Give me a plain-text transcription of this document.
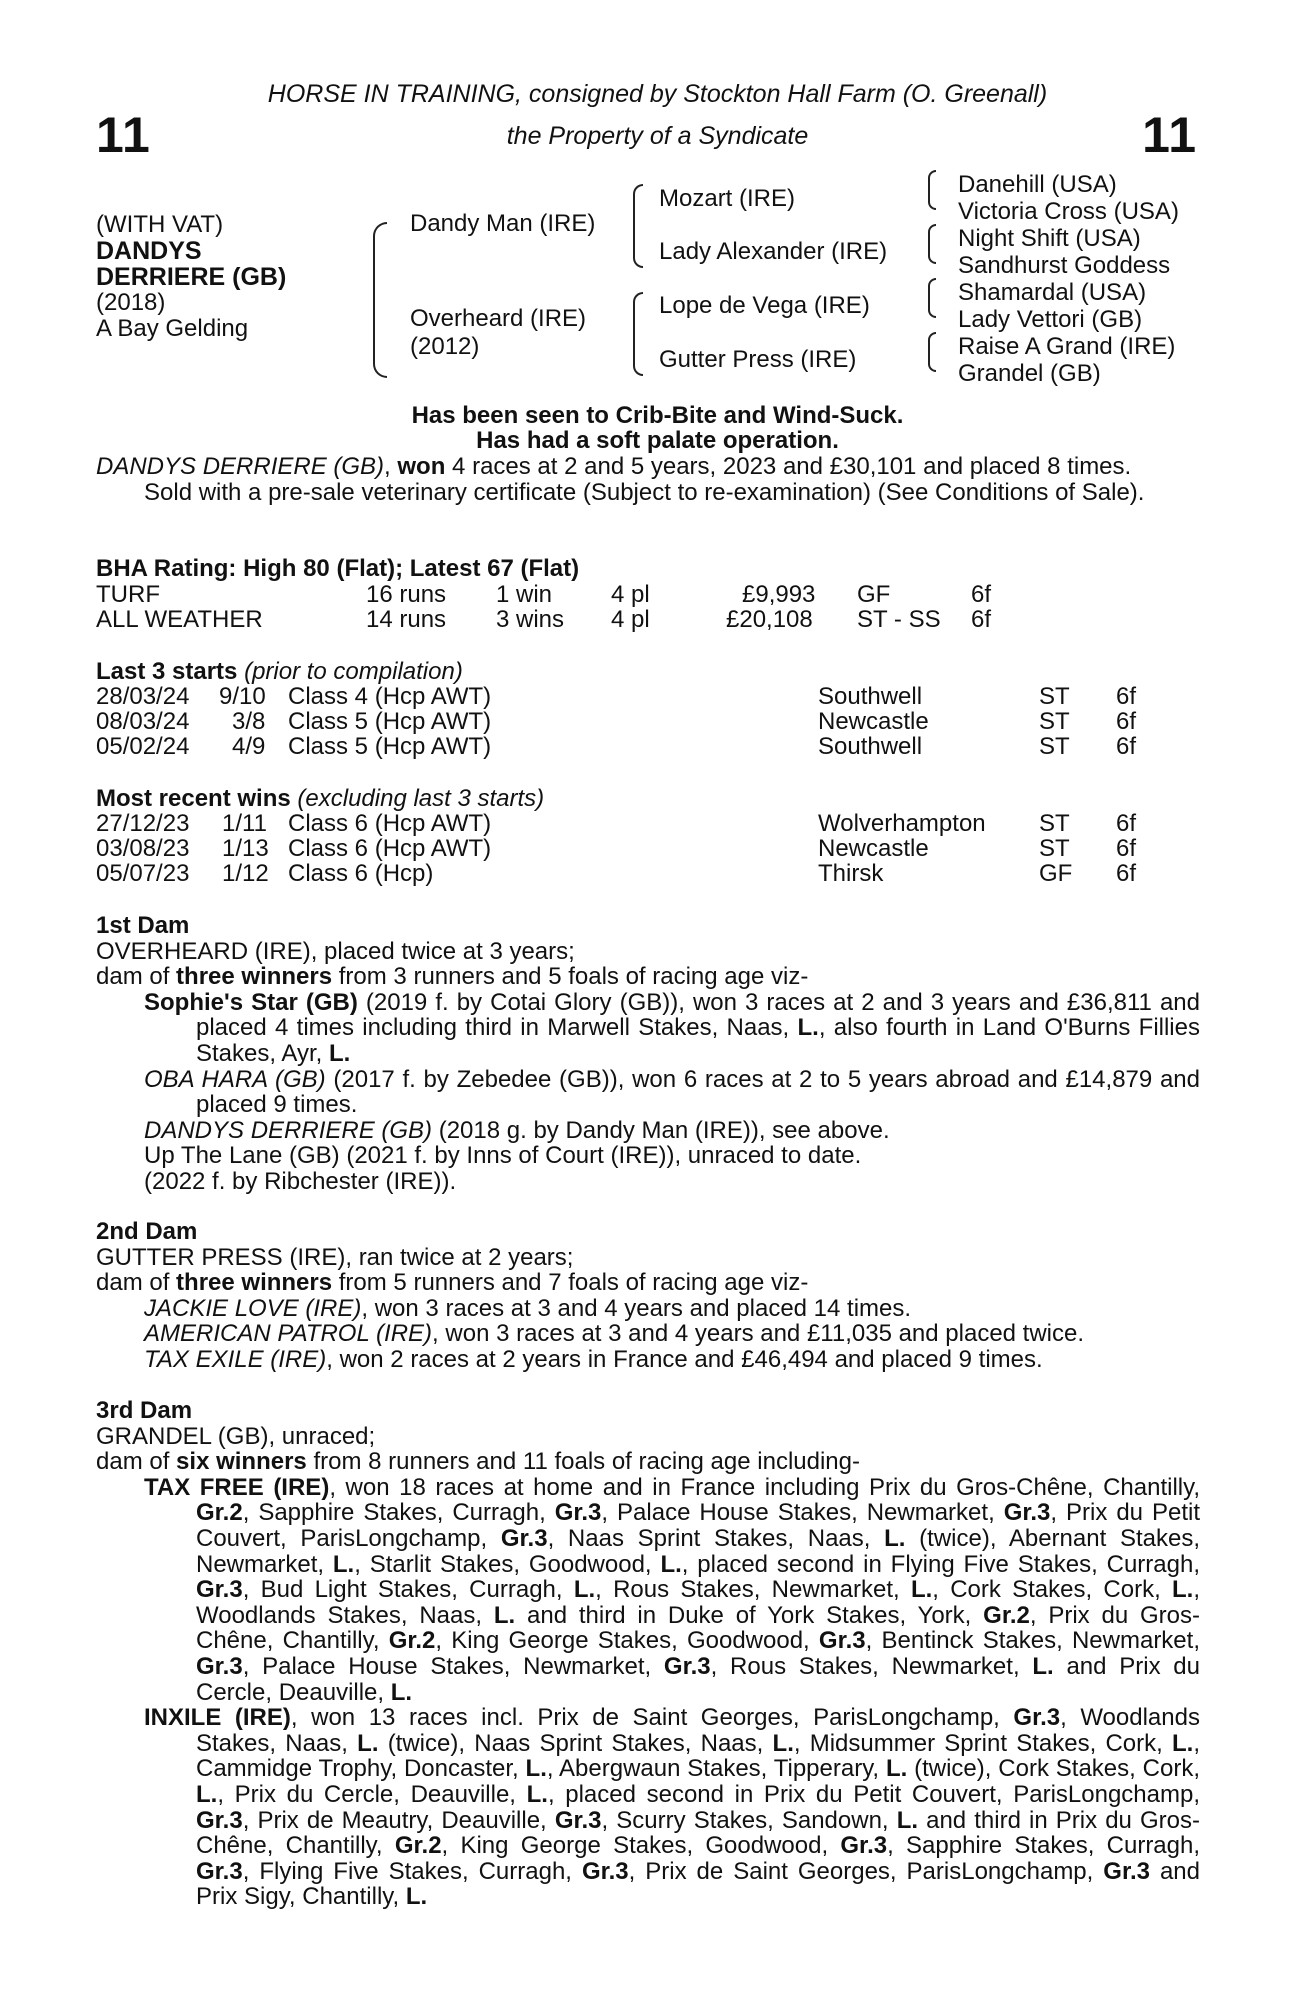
11	11
HORSE IN TRAINING, consigned by Stockton Hall Farm (O. Greenall)
the Property of a Syndicate
(WITH VAT)
DANDYS
DERRIERE (GB)
(2018)
A Bay Gelding
Dandy Man (IRE)
Overheard (IRE)
(2012)
Mozart (IRE)
Lady Alexander (IRE)
Lope de Vega (IRE)
Gutter Press (IRE)
Danehill (USA)
Victoria Cross (USA)
Night Shift (USA)
Sandhurst Goddess
Shamardal (USA)
Lady Vettori (GB)
Raise A Grand (IRE)
Grandel (GB)
Has been seen to Crib-Bite and Wind-Suck.
Has had a soft palate operation.
DANDYS DERRIERE (GB), won 4 races at 2 and 5 years, 2023 and £30,101 and placed 8 times.
Sold with a pre-sale veterinary certificate (Subject to re-examination) (See Conditions of Sale).
BHA Rating: High 80 (Flat); Latest 67 (Flat)
TURF	16 runs 1 win 4 pl	£9,993 GF	6f
ALL WEATHER	14 runs 3 wins 4 pl	£20,108 ST - SS 6f
Last 3 starts (prior to compilation)
28/03/24 9/10 Class 4 (Hcp AWT)	Southwell	ST 6f
08/03/24 3/8 Class 5 (Hcp AWT)	Newcastle	ST 6f
05/02/24 4/9 Class 5 (Hcp AWT)	Southwell	ST 6f
Most recent wins (excluding last 3 starts)
27/12/23 1/11 Class 6 (Hcp AWT)	Wolverhampton ST 6f
03/08/23 1/13 Class 6 (Hcp AWT)	Newcastle	ST 6f
05/07/23 1/12 Class 6 (Hcp)	Thirsk	GF 6f
1st Dam
OVERHEARD (IRE), placed twice at 3 years;
dam of three winners from 3 runners and 5 foals of racing age viz-
Sophie's Star (GB) (2019 f. by Cotai Glory (GB)), won 3 races at 2 and 3 years and £36,811 and placed 4 times including third in Marwell Stakes, Naas, L., also fourth in Land O'Burns Fillies Stakes, Ayr, L.
OBA HARA (GB) (2017 f. by Zebedee (GB)), won 6 races at 2 to 5 years abroad and £14,879 and placed 9 times.
DANDYS DERRIERE (GB) (2018 g. by Dandy Man (IRE)), see above.
Up The Lane (GB) (2021 f. by Inns of Court (IRE)), unraced to date.
(2022 f. by Ribchester (IRE)).
2nd Dam
GUTTER PRESS (IRE), ran twice at 2 years;
dam of three winners from 5 runners and 7 foals of racing age viz-
JACKIE LOVE (IRE), won 3 races at 3 and 4 years and placed 14 times.
AMERICAN PATROL (IRE), won 3 races at 3 and 4 years and £11,035 and placed twice.
TAX EXILE (IRE), won 2 races at 2 years in France and £46,494 and placed 9 times.
3rd Dam
GRANDEL (GB), unraced;
dam of six winners from 8 runners and 11 foals of racing age including-
TAX FREE (IRE), won 18 races at home and in France including Prix du Gros-Chêne, Chantilly, Gr.2, Sapphire Stakes, Curragh, Gr.3, Palace House Stakes, Newmarket, Gr.3, Prix du Petit Couvert, ParisLongchamp, Gr.3, Naas Sprint Stakes, Naas, L. (twice), Abernant Stakes, Newmarket, L., Starlit Stakes, Goodwood, L., placed second in Flying Five Stakes, Curragh, Gr.3, Bud Light Stakes, Curragh, L., Rous Stakes, Newmarket, L., Cork Stakes, Cork, L., Woodlands Stakes, Naas, L. and third in Duke of York Stakes, York, Gr.2, Prix du Gros-Chêne, Chantilly, Gr.2, King George Stakes, Goodwood, Gr.3, Bentinck Stakes, Newmarket, Gr.3, Palace House Stakes, Newmarket, Gr.3, Rous Stakes, Newmarket, L. and Prix du Cercle, Deauville, L.
INXILE (IRE), won 13 races incl. Prix de Saint Georges, ParisLongchamp, Gr.3, Woodlands Stakes, Naas, L. (twice), Naas Sprint Stakes, Naas, L., Midsummer Sprint Stakes, Cork, L., Cammidge Trophy, Doncaster, L., Abergwaun Stakes, Tipperary, L. (twice), Cork Stakes, Cork, L., Prix du Cercle, Deauville, L., placed second in Prix du Petit Couvert, ParisLongchamp, Gr.3, Prix de Meautry, Deauville, Gr.3, Scurry Stakes, Sandown, L. and third in Prix du Gros-Chêne, Chantilly, Gr.2, King George Stakes, Goodwood, Gr.3, Sapphire Stakes, Curragh, Gr.3, Flying Five Stakes, Curragh, Gr.3, Prix de Saint Georges, ParisLongchamp, Gr.3 and Prix Sigy, Chantilly, L.
